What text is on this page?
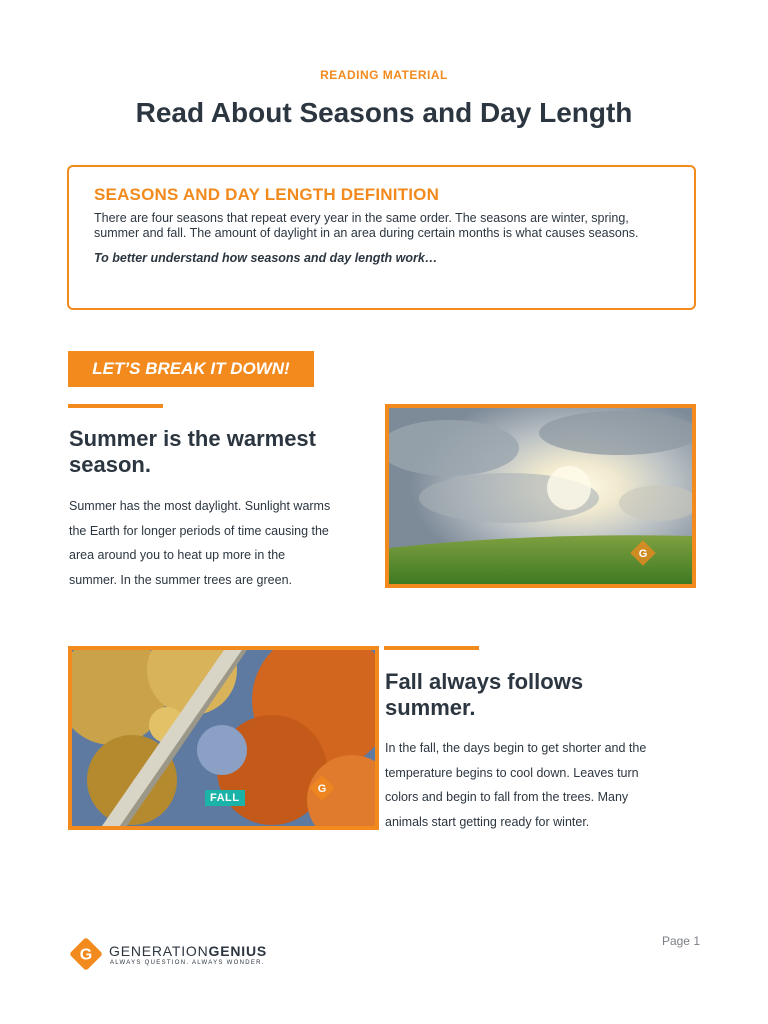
READING MATERIAL
Read About Seasons and Day Length
SEASONS AND DAY LENGTH DEFINITION

There are four seasons that repeat every year in the same order. The seasons are winter, spring, summer and fall. The amount of daylight in an area during certain months is what causes seasons.

To better understand how seasons and day length work…

LET’S BREAK IT DOWN!
Summer is the warmest
season.

Summer has the most daylight. Sunlight warms
the Earth for longer periods of time causing the
area around you to heat up more in the
summer. In the summer trees are green.

G
G
FALL
Fall always follows
summer.

In the fall, the days begin to get shorter and the
temperature begins to cool down. Leaves turn
colors and begin to fall from the trees. Many
animals start getting ready for winter.

G GENERATIONGENIUS
ALWAYS QUESTION. ALWAYS WONDER.
Page 1
